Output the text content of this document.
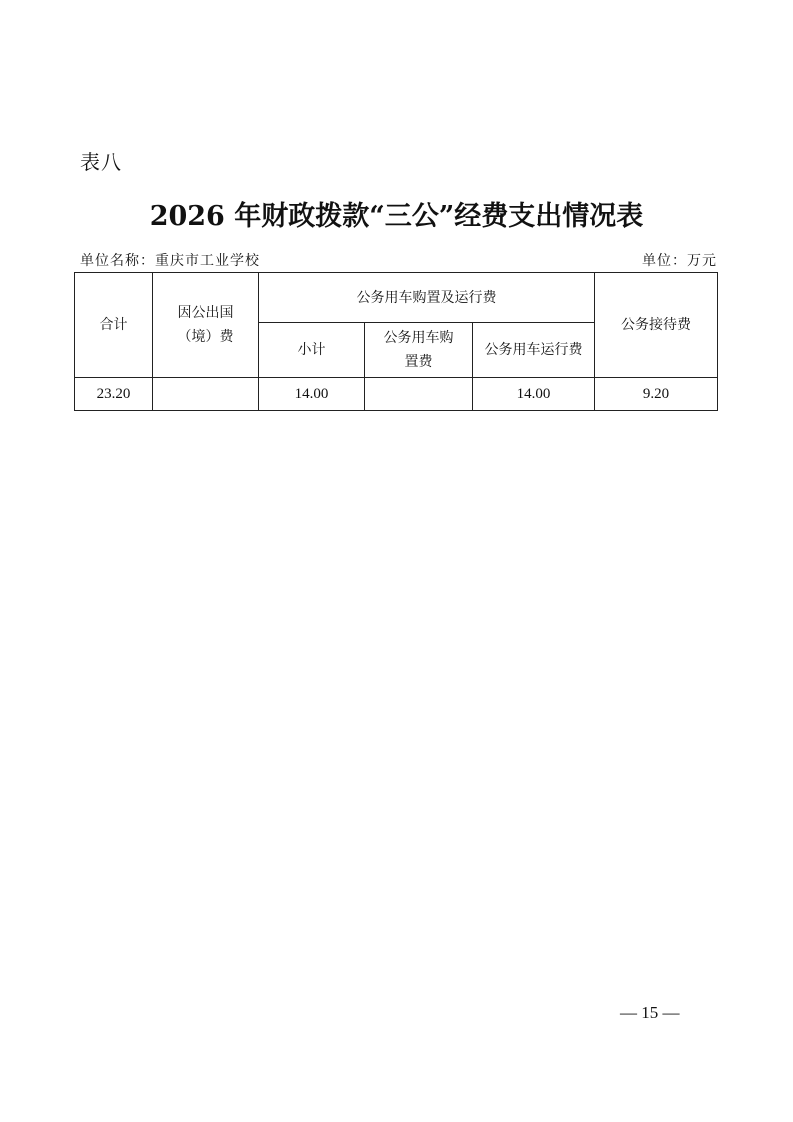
表八
2026 年财政拨款“三公”经费支出情况表
单位名称：重庆市工业学校	单位：万元
合计	因公出国（境）费	公务用车购置及运行费			公务接待费
		小计	公务用车购置费	公务用车运行费	
23.20		14.00		14.00	9.20
— 15 —
